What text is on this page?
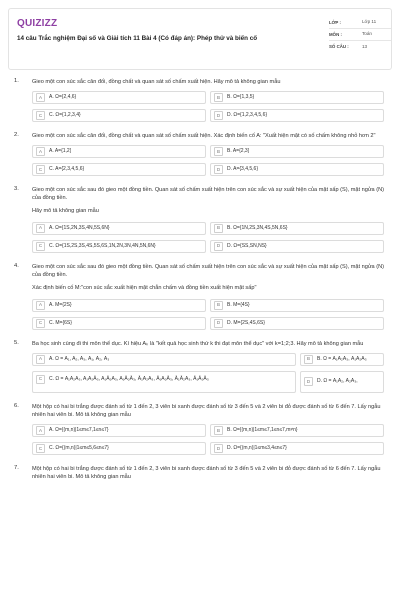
QUIZIZZ
14 câu Trắc nghiệm Đại số và Giải tích 11 Bài 4 (Có đáp án): Phép thử và biến cố
LỚP :	Lớp 11
MÔN :	Toán
SỐ CÂU :	13
1. Gieo một con súc sắc cân đối, đồng chất và quan sát số chấm xuất hiện. Hãy mô tả không gian mẫu
A	A. Ω={2,4,6}	B	B. Ω={1,3,5}
C	C. Ω={1,2,3,4}	D	D. Ω={1,2,3,4,5,6}
2. Gieo một con súc sắc cân đối, đồng chất và quan sát số chấm xuất hiện. Xác định biến cố A: "Xuất hiện mặt có số chấm không nhỏ hơn 2"
A	A. A={1,2}	B	B. A={2,3}
C	C. A={2,3,4,5,6}	D	D. A={3,4,5,6}
3. Gieo một con súc sắc sau đó gieo một đồng tiền. Quan sát số chấm xuất hiện trên con súc sắc và sự xuất hiện của mặt sấp (S), mặt ngửa (N) của đồng tiền.
Hãy mô tả không gian mẫu
A	A. Ω={1S,2N,3S,4N,5S,6N}	B	B. Ω={1N,2S,3N,4S,5N,6S}
C	C. Ω={1S,2S,3S,4S,5S,6S,1N,2N,3N,4N,5N,6N}	D	D. Ω={SS,SN,NS}
4. Gieo một con súc sắc sau đó gieo một đồng tiền. Quan sát số chấm xuất hiện trên con súc sắc và sự xuất hiện của mặt sấp (S), mặt ngửa (N) của đồng tiền.
Xác định biến cố M:"con súc sắc xuất hiện mặt chẵn chấm và đồng tiền xuất hiện mặt sấp"
A	A. M={2S}	B	B. M={4S}
C	C. M={6S}	D	D. M={2S,4S,6S}
5. Ba học sinh cùng đi thi môn thể dục. Kí hiệu Aₖ là "kết quả học sinh thứ k thi đạt môn thể dục" với k=1;2;3. Hãy mô tả không gian mẫu
A	A. Ω = A₁, A₂, A₃, Ā₁, Ā₂, Ā₃	B	B. Ω = A₁A₂A₃, Ā₁Ā₂Ā₃
C	C. Ω = A₁A₂A₃, A₁A₂Ā₃, A₁Ā₂A₃, A₁Ā₂Ā₃, Ā₁A₂A₃, Ā₁A₂Ā₃, Ā₁Ā₂A₃, Ā₁Ā₂Ā₃	D	D. Ω = A₁A₂, A₂A₃,
6. Một hộp có hai bi trắng được đánh số từ 1 đến 2, 3 viên bi xanh được đánh số từ 3 đến 5 và 2 viên bi đỏ được đánh số từ 6 đến 7. Lấy ngẫu nhiên hai viên bi. Mô tả không gian mẫu
A	A. Ω={(m,n)|1≤m≤7,1≤n≤7}	B	B. Ω={(m,n)|1≤m≤7,1≤n≤7,m≠n}
C	C. Ω={(m,n)|1≤m≤5,6≤n≤7}	D	D. Ω={(m,n)|1≤m≤3,4≤n≤7}
7. Một hộp có hai bi trắng được đánh số từ 1 đến 2, 3 viên bi xanh được đánh số từ 3 đến 5 và 2 viên bi đỏ được đánh số từ 6 đến 7. Lấy ngẫu nhiên hai viên bi. Mô tả không gian mẫu
